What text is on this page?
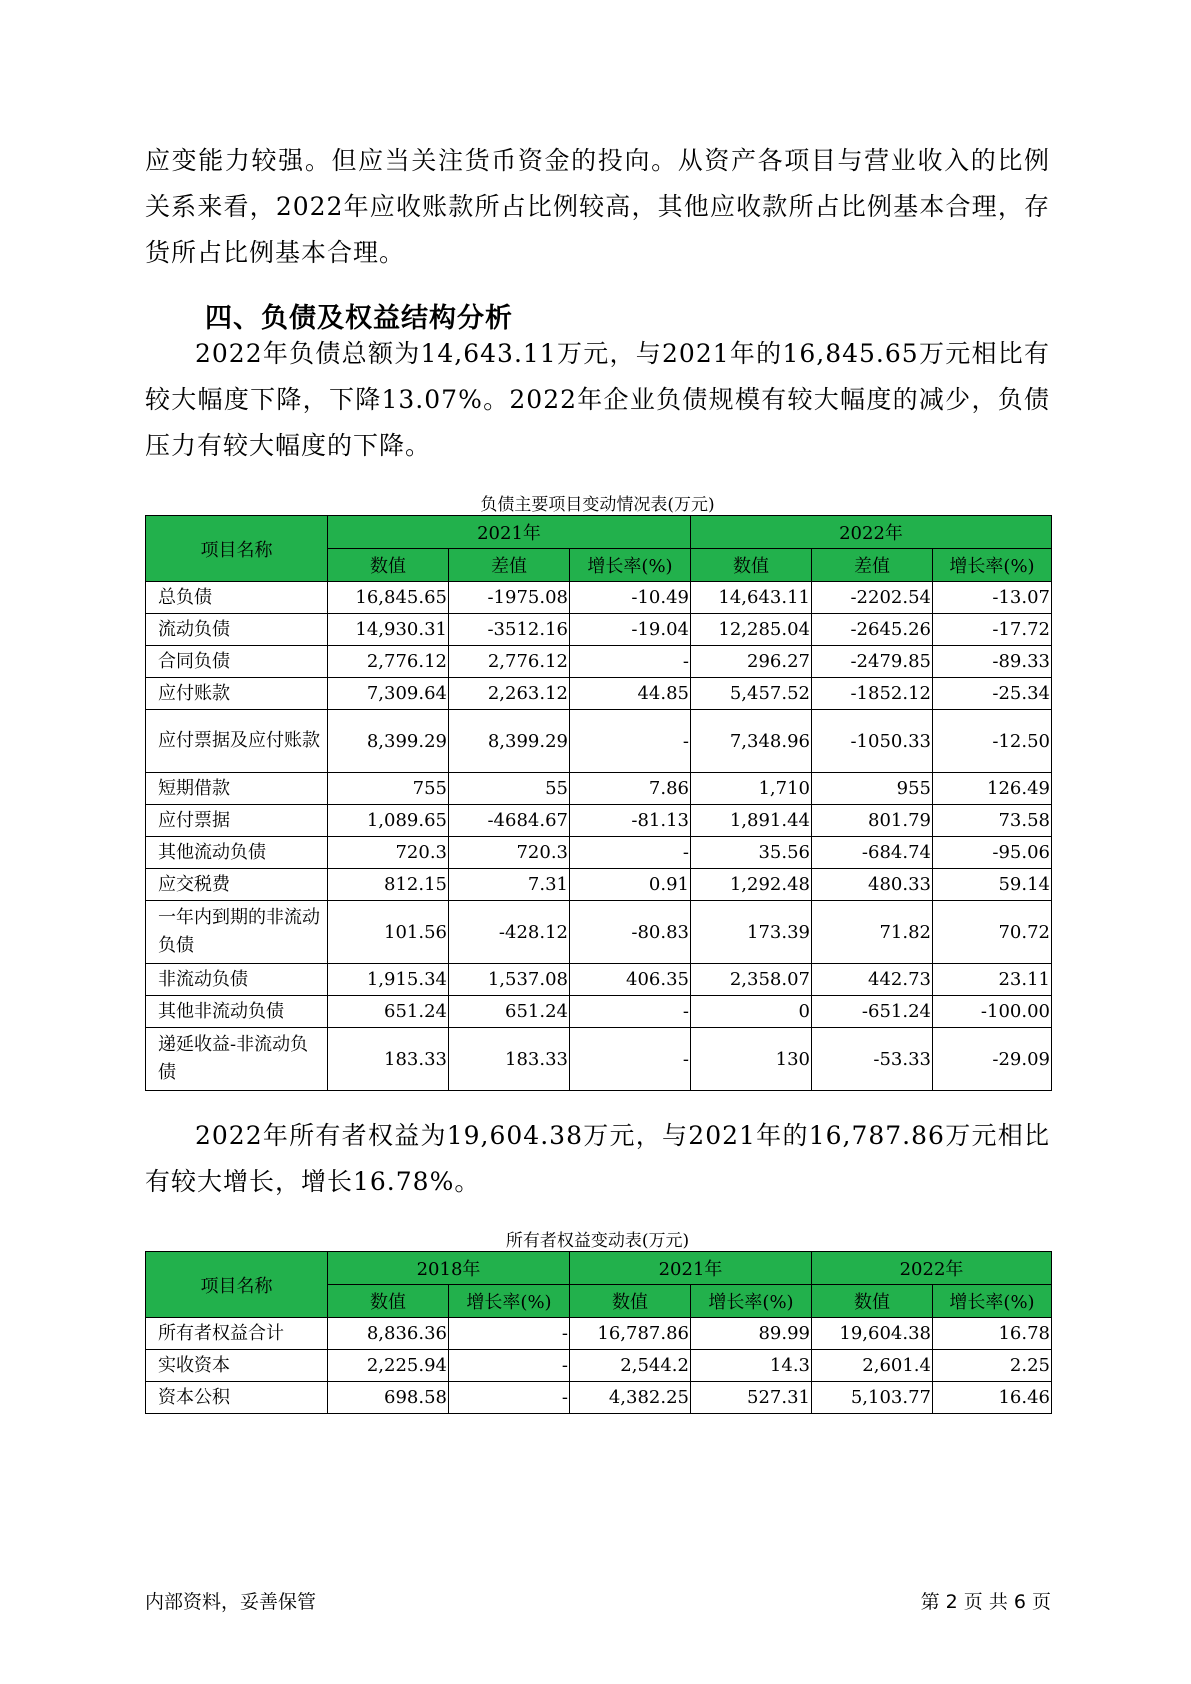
应变能力较强。但应当关注货币资金的投向。从资产各项目与营业收入的比例关系来看，2022年应收账款所占比例较高，其他应收款所占比例基本合理，存货所占比例基本合理。

四、负债及权益结构分析

2022年负债总额为14,643.11万元，与2021年的16,845.65万元相比有较大幅度下降，下降13.07%。2022年企业负债规模有较大幅度的减少，负债压力有较大幅度的下降。

负债主要项目变动情况表(万元)

项目名称	2021年			2022年		
	数值	差值	增长率(%)	数值	差值	增长率(%)
总负债	16,845.65	-1975.08	-10.49	14,643.11	-2202.54	-13.07
流动负债	14,930.31	-3512.16	-19.04	12,285.04	-2645.26	-17.72
合同负债	2,776.12	2,776.12	-	296.27	-2479.85	-89.33
应付账款	7,309.64	2,263.12	44.85	5,457.52	-1852.12	-25.34
应付票据及应付账款	8,399.29	8,399.29	-	7,348.96	-1050.33	-12.50
短期借款	755	55	7.86	1,710	955	126.49
应付票据	1,089.65	-4684.67	-81.13	1,891.44	801.79	73.58
其他流动负债	720.3	720.3	-	35.56	-684.74	-95.06
应交税费	812.15	7.31	0.91	1,292.48	480.33	59.14
一年内到期的非流动负债	101.56	-428.12	-80.83	173.39	71.82	70.72
非流动负债	1,915.34	1,537.08	406.35	2,358.07	442.73	23.11
其他非流动负债	651.24	651.24	-	0	-651.24	-100.00
递延收益-非流动负债	183.33	183.33	-	130	-53.33	-29.09

2022年所有者权益为19,604.38万元，与2021年的16,787.86万元相比有较大增长，增长16.78%。

所有者权益变动表(万元)

项目名称	2018年		2021年		2022年	
	数值	增长率(%)	数值	增长率(%)	数值	增长率(%)
所有者权益合计	8,836.36	-	16,787.86	89.99	19,604.38	16.78
实收资本	2,225.94	-	2,544.2	14.3	2,601.4	2.25
资本公积	698.58	-	4,382.25	527.31	5,103.77	16.46
内部资料，妥善保管	第 2 页 共 6 页
